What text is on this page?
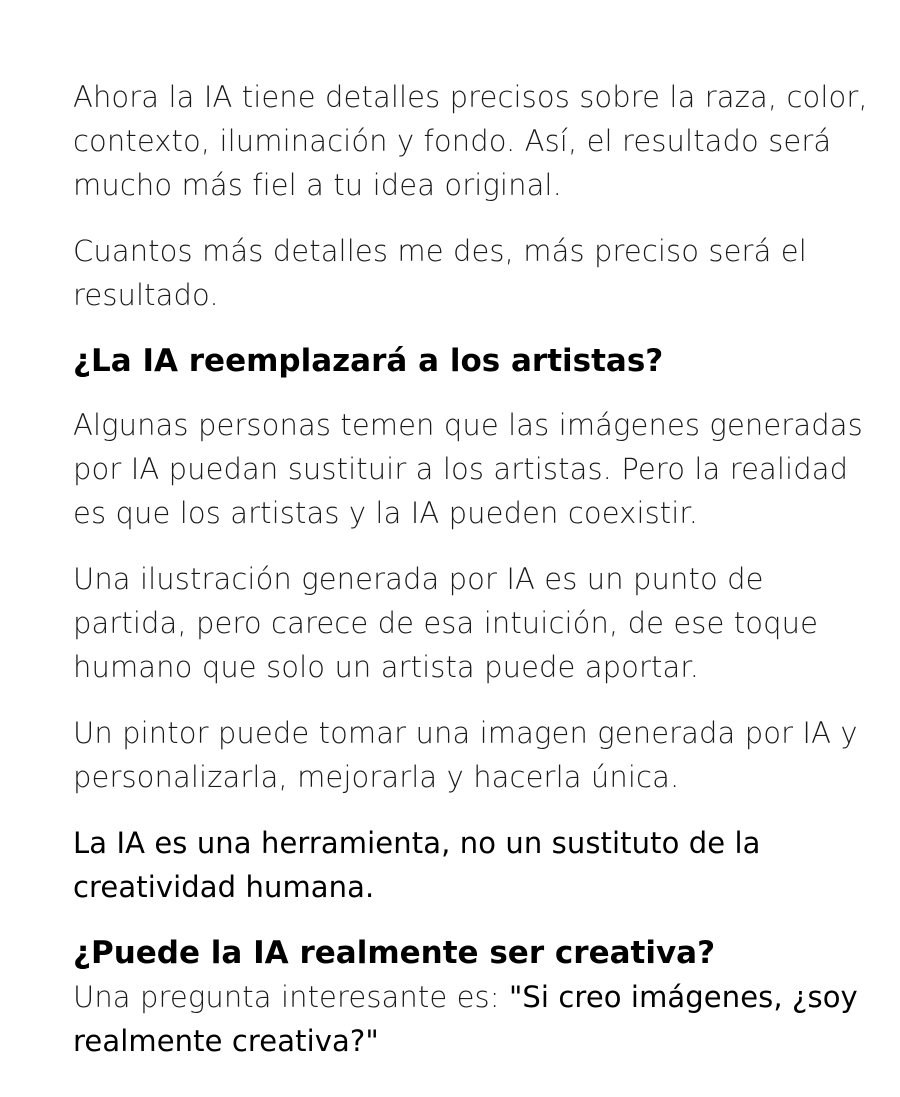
Ahora la IA tiene detalles precisos sobre la raza, color, contexto, iluminación y fondo. Así, el resultado será mucho más fiel a tu idea original.

Cuantos más detalles me des, más preciso será el resultado.

¿La IA reemplazará a los artistas?

Algunas personas temen que las imágenes generadas por IA puedan sustituir a los artistas. Pero la realidad es que los artistas y la IA pueden coexistir.

Una ilustración generada por IA es un punto de partida, pero carece de esa intuición, de ese toque humano que solo un artista puede aportar.

Un pintor puede tomar una imagen generada por IA y personalizarla, mejorarla y hacerla única.

La IA es una herramienta, no un sustituto de la creatividad humana.

¿Puede la IA realmente ser creativa?

Una pregunta interesante es: "Si creo imágenes, ¿soy realmente creativa?"
